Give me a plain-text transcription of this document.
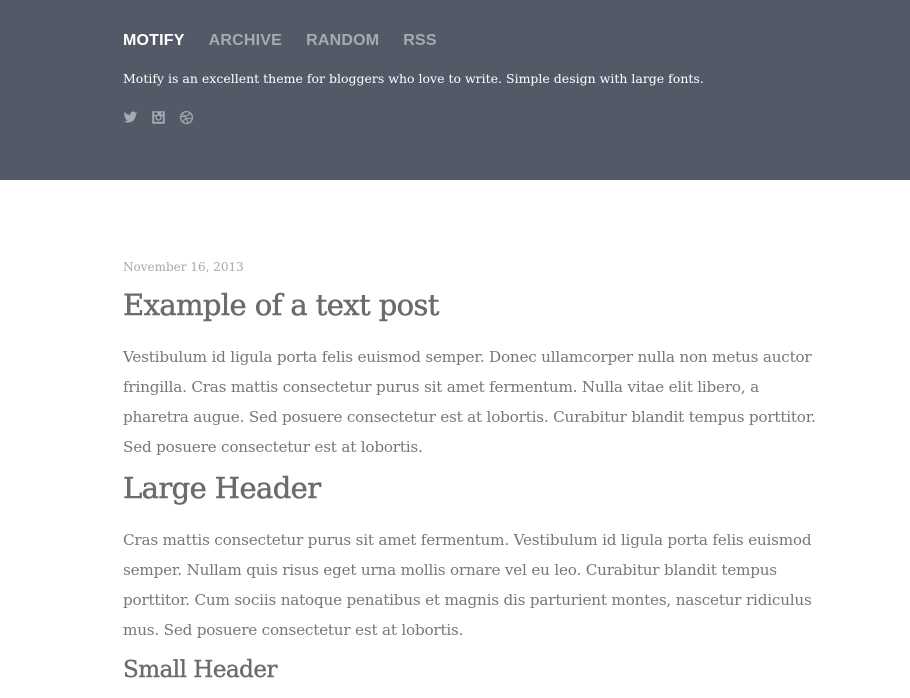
MOTIFY ARCHIVE RANDOM RSS
Motify is an excellent theme for bloggers who love to write. Simple design with large fonts.
November 16, 2013
Example of a text post

Vestibulum id ligula porta felis euismod semper. Donec ullamcorper nulla non metus auctor fringilla. Cras mattis consectetur purus sit amet fermentum. Nulla vitae elit libero, a pharetra augue. Sed posuere consectetur est at lobortis. Curabitur blandit tempus porttitor. Sed posuere consectetur est at lobortis.

Large Header

Cras mattis consectetur purus sit amet fermentum. Vestibulum id ligula porta felis euismod semper. Nullam quis risus eget urna mollis ornare vel eu leo. Curabitur blandit tempus porttitor. Cum sociis natoque penatibus et magnis dis parturient montes, nascetur ridiculus mus. Sed posuere consectetur est at lobortis.

Small Header
